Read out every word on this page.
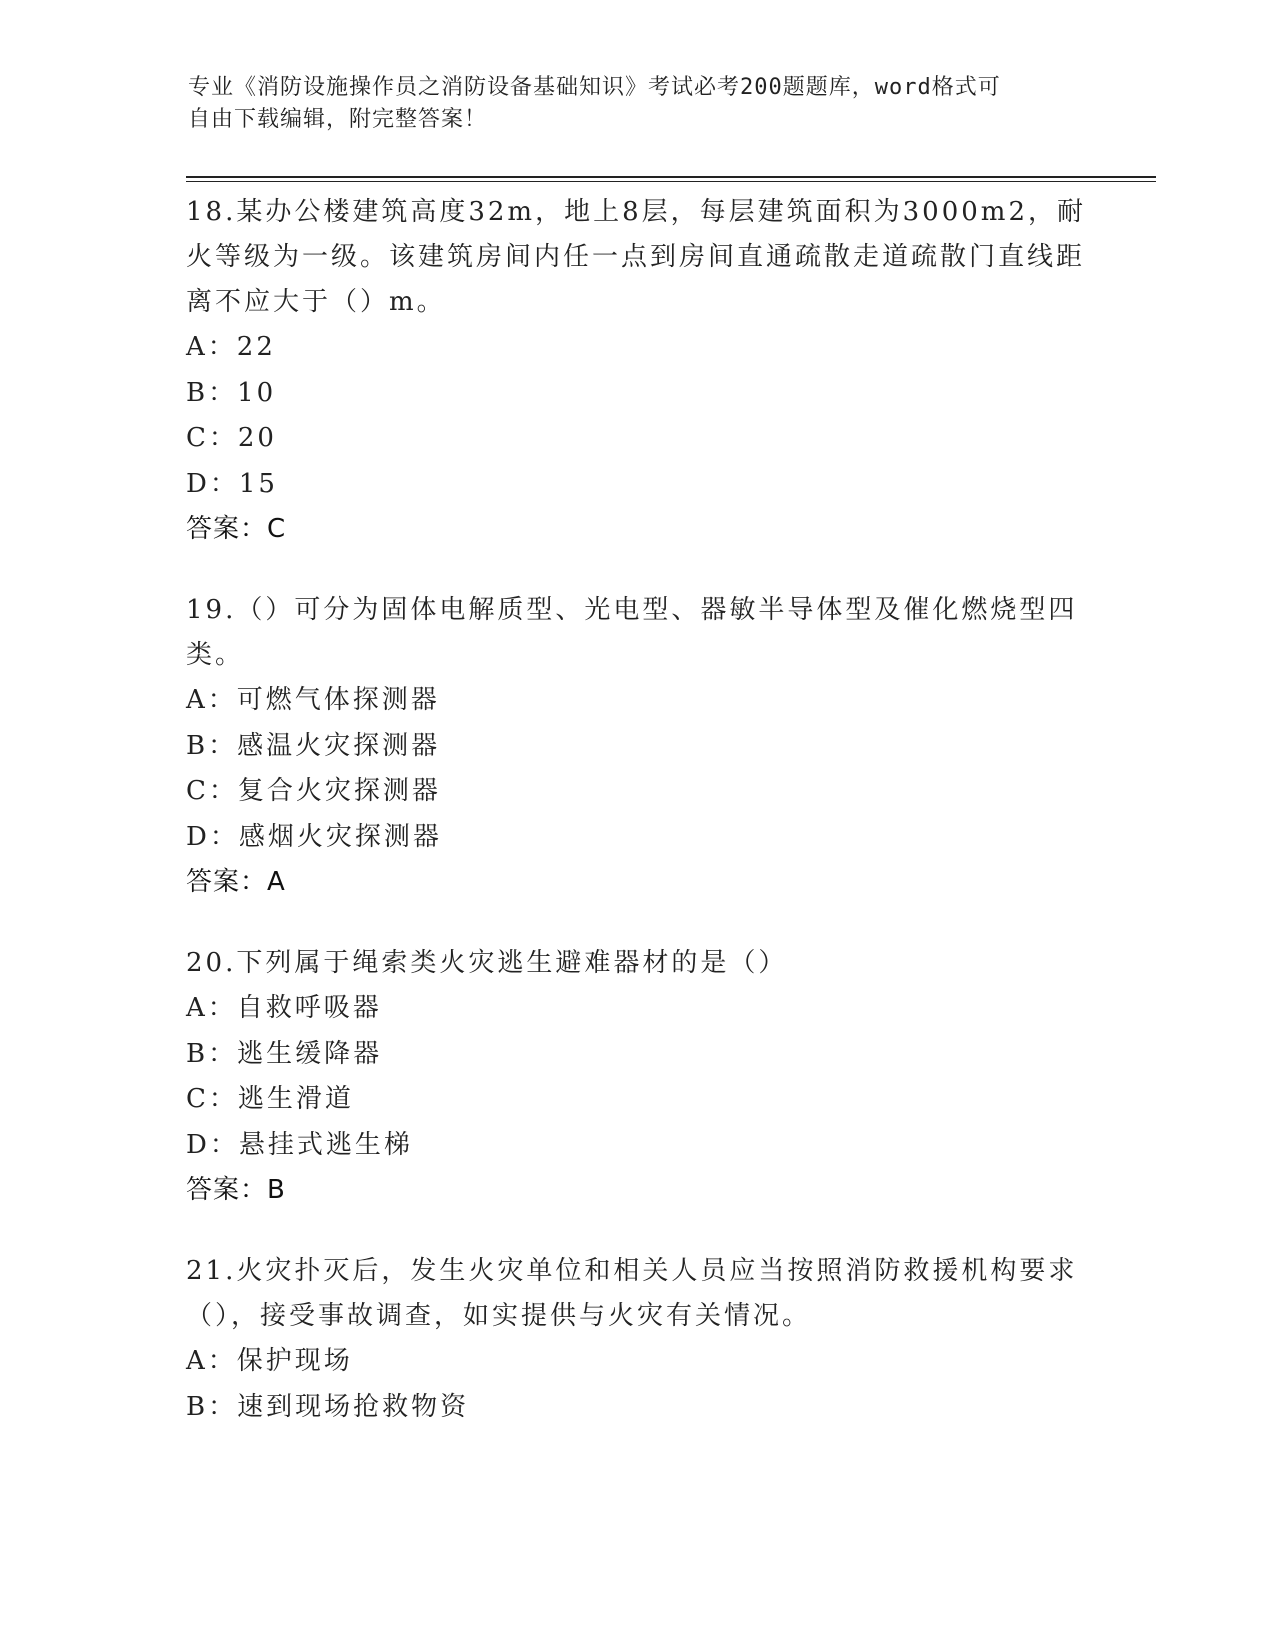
专业《消防设施操作员之消防设备基础知识》考试必考200题题库，word格式可
自由下载编辑，附完整答案！
18.某办公楼建筑高度32m，地上8层，每层建筑面积为3000m2，耐火等级为一级。该建筑房间内任一点到房间直通疏散走道疏散门直线距离不应大于（）m。
A：22
B：10
C：20
D：15
答案：C
19.（）可分为固体电解质型、光电型、器敏半导体型及催化燃烧型四类。
A：可燃气体探测器
B：感温火灾探测器
C：复合火灾探测器
D：感烟火灾探测器
答案：A
20.下列属于绳索类火灾逃生避难器材的是（）
A：自救呼吸器
B：逃生缓降器
C：逃生滑道
D：悬挂式逃生梯
答案：B
21.火灾扑灭后，发生火灾单位和相关人员应当按照消防救援机构要求（），接受事故调查，如实提供与火灾有关情况。
A：保护现场
B：速到现场抢救物资
